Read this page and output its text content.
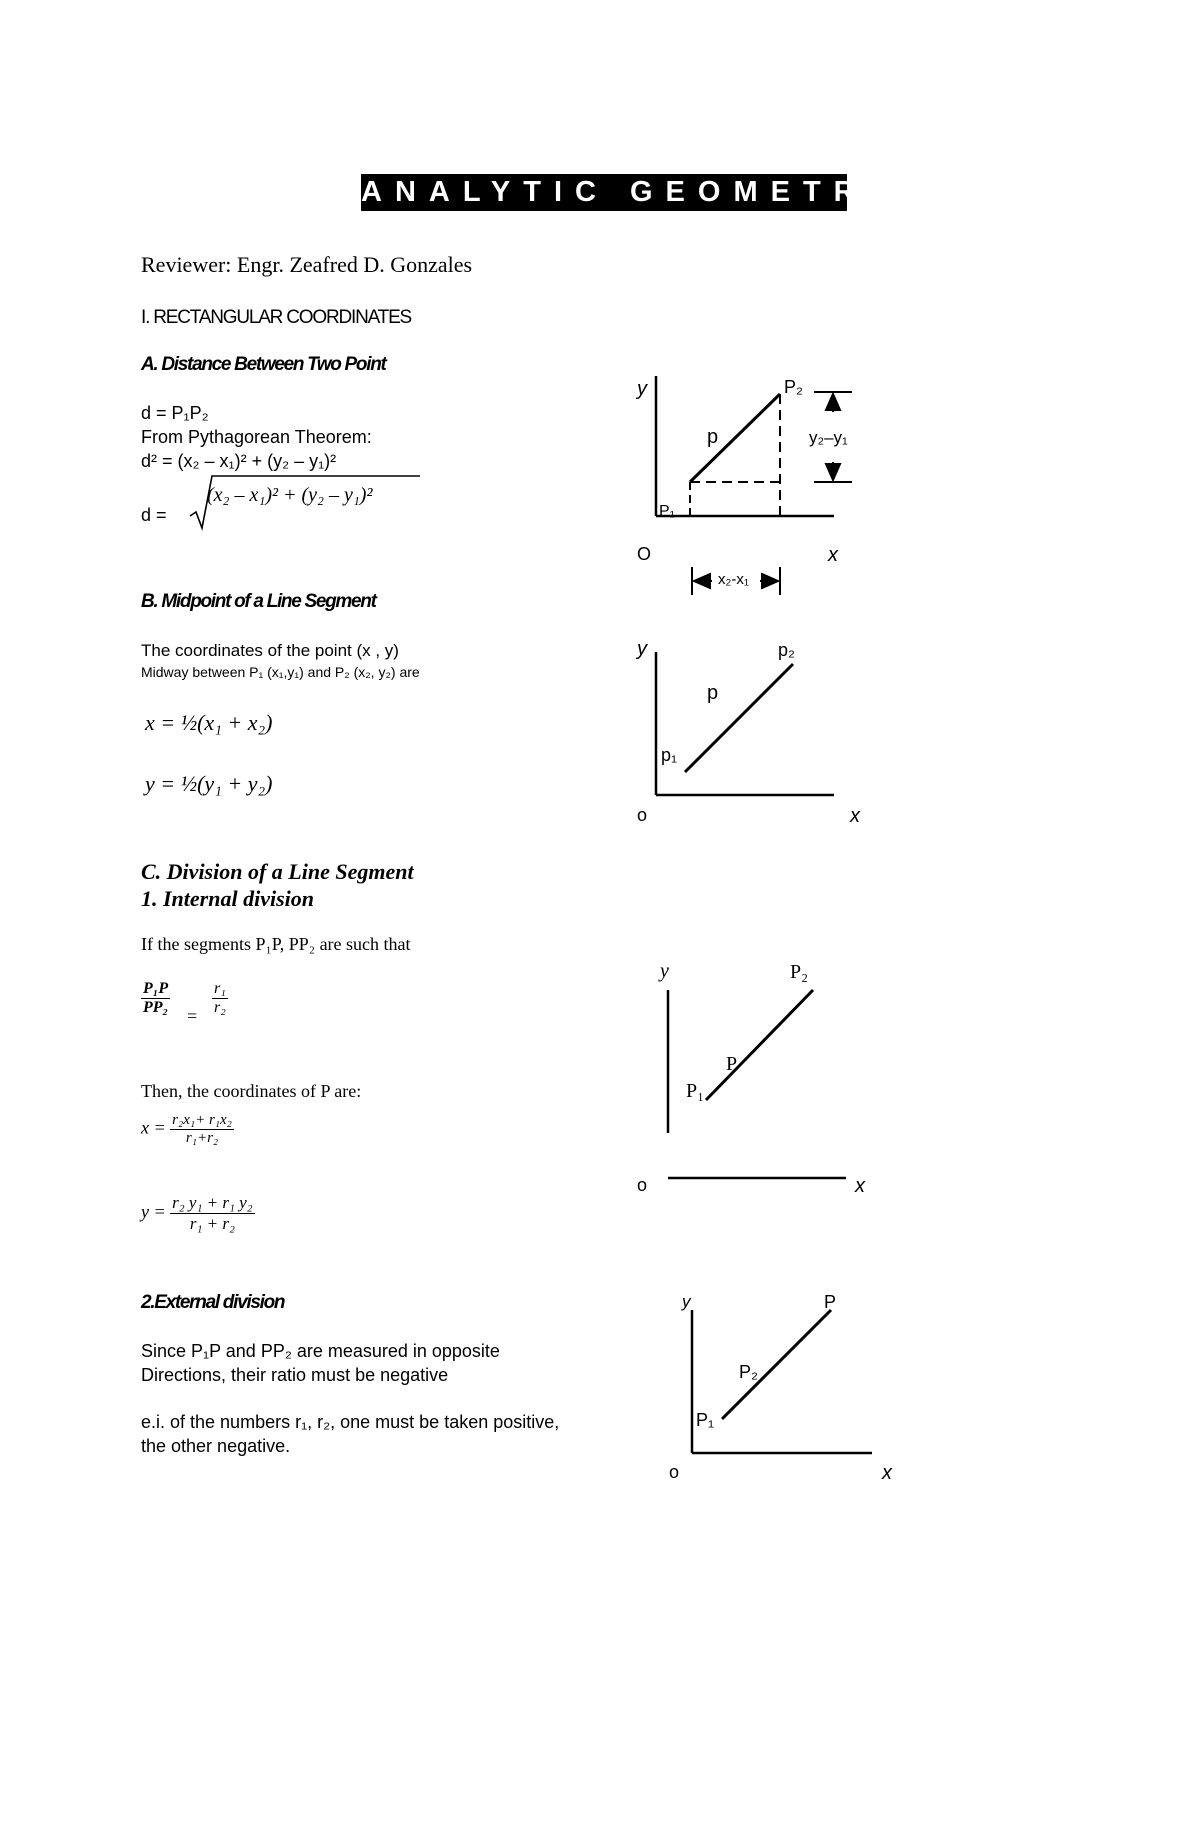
ANALYTIC GEOMETRY
Reviewer: Engr. Zeafred D. Gonzales
I. RECTANGULAR COORDINATES
A. Distance Between Two Point
d = P₁P₂
From Pythagorean Theorem:
d² = (x₂ – x₁)² + (y₂ – y₁)²
d =
(x₂ – x₁)² + (y₂ – y₁)²
B. Midpoint of a Line Segment
The coordinates of the point (x , y)
Midway between P₁ (x₁,y₁) and P₂ (x₂, y₂) are
x = ½(x₁ + x₂)
y = ½(y₁ + y₂)
C. Division of a Line Segment
1. Internal division
If the segments P₁P, PP₂ are such that
$\frac{\text{P₁P}}{\text{PP₂}} = \frac{\text{r₁}}{\text{r₂}}$
Then, the coordinates of P are:
$x = \frac{\text{r₂x₁+ r₁x₂}}{\text{r₁+r₂}}$
$y = \frac{\text{r₂ y₁ + r₁ y₂}}{\text{r₁ + r₂}}$
2.External division
Since P₁P and PP₂ are measured in opposite
Directions, their ratio must be negative
e.i. of the numbers r₁, r₂, one must be taken positive,
the other negative.
y	P₂
p	y₂–y₁
P₁
O	x
x₂-x₁
y	p₂
p
p₁
o	x
y	P₂
P
P₁
o	x
y	P
P₂
P₁
o	x
